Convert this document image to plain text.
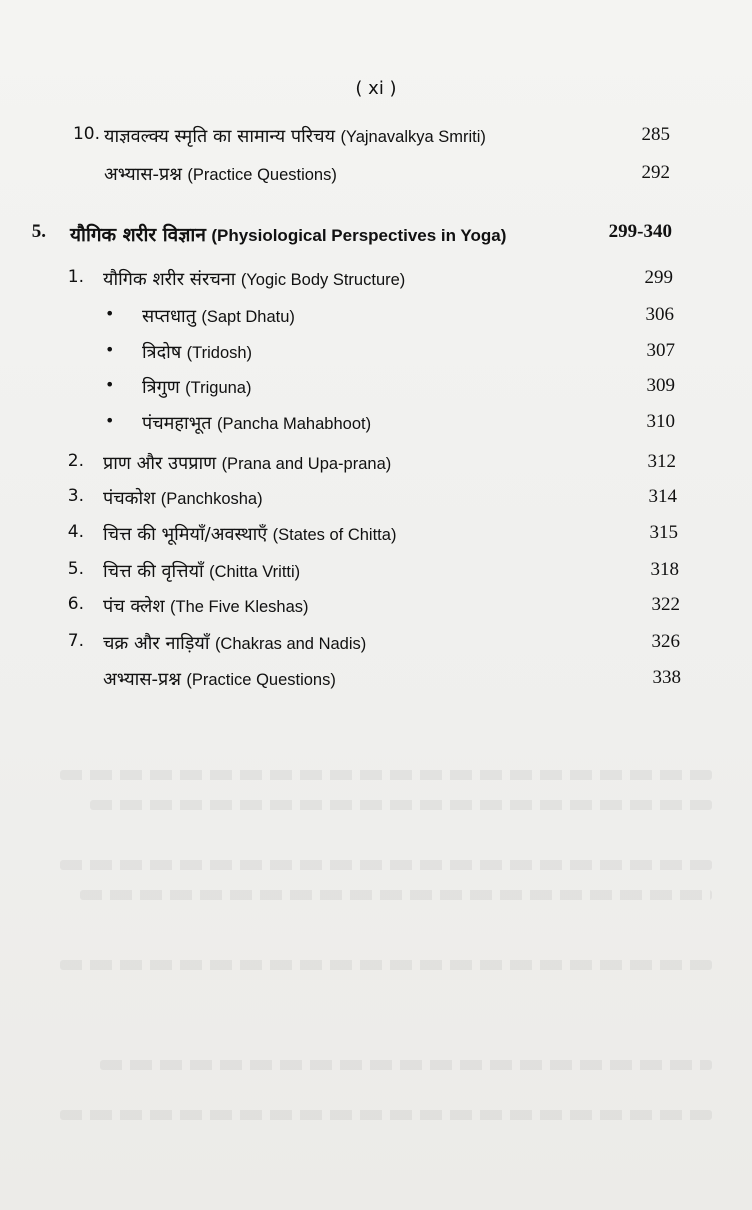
( xi )
10. याज्ञवल्क्य स्मृति का सामान्य परिचय (Yajnavalkya Smriti)	285
अभ्यास-प्रश्न (Practice Questions)	292
5. यौगिक शरीर विज्ञान (Physiological Perspectives in Yoga)	299-340
1. यौगिक शरीर संरचना (Yogic Body Structure)	299
• सप्तधातु (Sapt Dhatu)	306
• त्रिदोष (Tridosh)	307
• त्रिगुण (Triguna)	309
• पंचमहाभूत (Pancha Mahabhoot)	310
2. प्राण और उपप्राण (Prana and Upa-prana)	312
3. पंचकोश (Panchkosha)	314
4. चित्त की भूमियाँ/अवस्थाएँ (States of Chitta)	315
5. चित्त की वृत्तियाँ (Chitta Vritti)	318
6. पंच क्लेश (The Five Kleshas)	322
7. चक्र और नाड़ियाँ (Chakras and Nadis)	326
अभ्यास-प्रश्न (Practice Questions)	338
